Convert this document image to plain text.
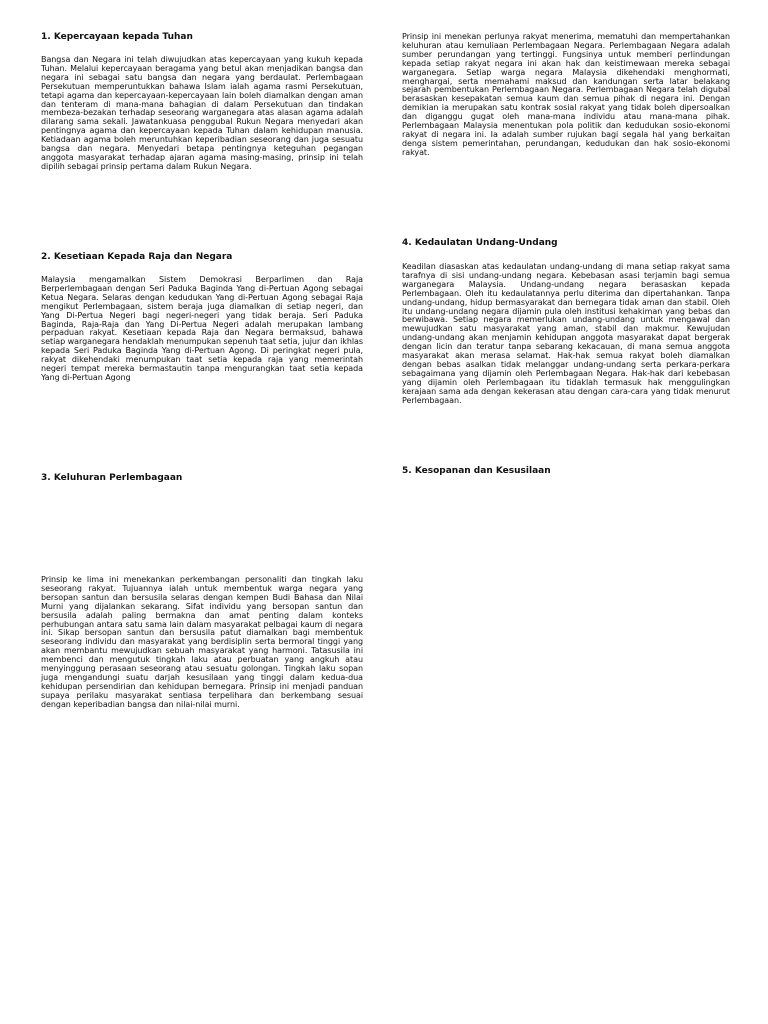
1. Kepercayaan kepada Tuhan
Bangsa dan Negara ini telah diwujudkan atas kepercayaan yang kukuh kepada Tuhan. Melalui kepercayaan beragama yang betul akan menjadikan bangsa dan negara ini sebagai satu bangsa dan negara yang berdaulat. Perlembagaan Persekutuan memperuntukkan bahawa Islam ialah agama rasmi Persekutuan, tetapi agama dan kepercayaan-kepercayaan lain boleh diamalkan dengan aman dan tenteram di mana-mana bahagian di dalam Persekutuan dan tindakan membeza-bezakan terhadap seseorang warganegara atas alasan agama adalah dilarang sama sekali. Jawatankuasa penggubal Rukun Negara menyedari akan pentingnya agama dan kepercayaan kepada Tuhan dalam kehidupan manusia. Ketiadaan agama boleh meruntuhkan keperibadian seseorang dan juga sesuatu bangsa dan negara. Menyedari betapa pentingnya keteguhan pegangan anggota masyarakat terhadap ajaran agama masing-masing, prinsip ini telah dipilih sebagai prinsip pertama dalam Rukun Negara.
2. Kesetiaan Kepada Raja dan Negara
Malaysia mengamalkan Sistem Demokrasi Berparlimen dan Raja Berperlembagaan dengan Seri Paduka Baginda Yang di-Pertuan Agong sebagai Ketua Negara. Selaras dengan kedudukan Yang di-Pertuan Agong sebagai Raja mengikut Perlembagaan, sistem beraja juga diamalkan di setiap negeri, dan Yang Di-Pertua Negeri bagi negeri-negeri yang tidak beraja. Seri Paduka Baginda, Raja-Raja dan Yang Di-Pertua Negeri adalah merupakan lambang perpaduan rakyat. Kesetiaan kepada Raja dan Negara bermaksud, bahawa setiap warganegara hendaklah menumpukan sepenuh taat setia, jujur dan ikhlas kepada Seri Paduka Baginda Yang di-Pertuan Agong. Di peringkat negeri pula, rakyat dikehendaki menumpukan taat setia kepada raja yang memerintah negeri tempat mereka bermastautin tanpa mengurangkan taat setia kepada Yang di-Pertuan Agong
3. Keluhuran Perlembagaan
Prinsip ke lima ini menekankan perkembangan personaliti dan tingkah laku seseorang rakyat. Tujuannya ialah untuk membentuk warga negara yang bersopan santun dan bersusila selaras dengan kempen Budi Bahasa dan Nilai Murni yang dijalankan sekarang. Sifat individu yang bersopan santun dan bersusila adalah paling bermakna dan amat penting dalam konteks perhubungan antara satu sama lain dalam masyarakat pelbagai kaum di negara ini. Sikap bersopan santun dan bersusila patut diamalkan bagi membentuk seseorang individu dan masyarakat yang berdisiplin serta bermoral tinggi yang akan membantu mewujudkan sebuah masyarakat yang harmoni. Tatasusila ini membenci dan mengutuk tingkah laku atau perbuatan yang angkuh atau menyinggung perasaan seseorang atau sesuatu golongan. Tingkah laku sopan juga mengandungi suatu darjah kesusilaan yang tinggi dalam kedua-dua kehidupan persendirian dan kehidupan bernegara. Prinsip ini menjadi panduan supaya perilaku masyarakat sentiasa terpelihara dan berkembang sesuai dengan keperibadian bangsa dan nilai-nilai murni.
Prinsip ini menekan perlunya rakyat menerima, mematuhi dan mempertahankan keluhuran atau kemuliaan Perlembagaan Negara. Perlembagaan Negara adalah sumber perundangan yang tertinggi. Fungsinya untuk memberi perlindungan kepada setiap rakyat negara ini akan hak dan keistimewaan mereka sebagai warganegara. Setiap warga negara Malaysia dikehendaki menghormati, menghargai, serta memahami maksud dan kandungan serta latar belakang sejarah pembentukan Perlembagaan Negara. Perlembagaan Negara telah digubal berasaskan kesepakatan semua kaum dan semua pihak di negara ini. Dengan demikian ia merupakan satu kontrak sosial rakyat yang tidak boleh dipersoalkan dan diganggu gugat oleh mana-mana individu atau mana-mana pihak. Perlembagaan Malaysia menentukan pola politik dan kedudukan sosio-ekonomi rakyat di negara ini. Ia adalah sumber rujukan bagi segala hal yang berkaitan denga sistem pemerintahan, perundangan, kedudukan dan hak sosio-ekonomi rakyat.
4. Kedaulatan Undang-Undang
Keadilan diasaskan atas kedaulatan undang-undang di mana setiap rakyat sama tarafnya di sisi undang-undang negara. Kebebasan asasi terjamin bagi semua warganegara Malaysia. Undang-undang negara berasaskan kepada Perlembagaan. Oleh itu kedaulatannya perlu diterima dan dipertahankan. Tanpa undang-undang, hidup bermasyarakat dan bernegara tidak aman dan stabil. Oleh itu undang-undang negara dijamin pula oleh institusi kehakiman yang bebas dan berwibawa. Setiap negara memerlukan undang-undang untuk mengawal dan mewujudkan satu masyarakat yang aman, stabil dan makmur. Kewujudan undang-undang akan menjamin kehidupan anggota masyarakat dapat bergerak dengan licin dan teratur tanpa sebarang kekacauan, di mana semua anggota masyarakat akan merasa selamat. Hak-hak semua rakyat boleh diamalkan dengan bebas asalkan tidak melanggar undang-undang serta perkara-perkara sebagaimana yang dijamin oleh Perlembagaan Negara. Hak-hak dari kebebasan yang dijamin oleh Perlembagaan itu tidaklah termasuk hak menggulingkan kerajaan sama ada dengan kekerasan atau dengan cara-cara yang tidak menurut Perlembagaan.
5. Kesopanan dan Kesusilaan
